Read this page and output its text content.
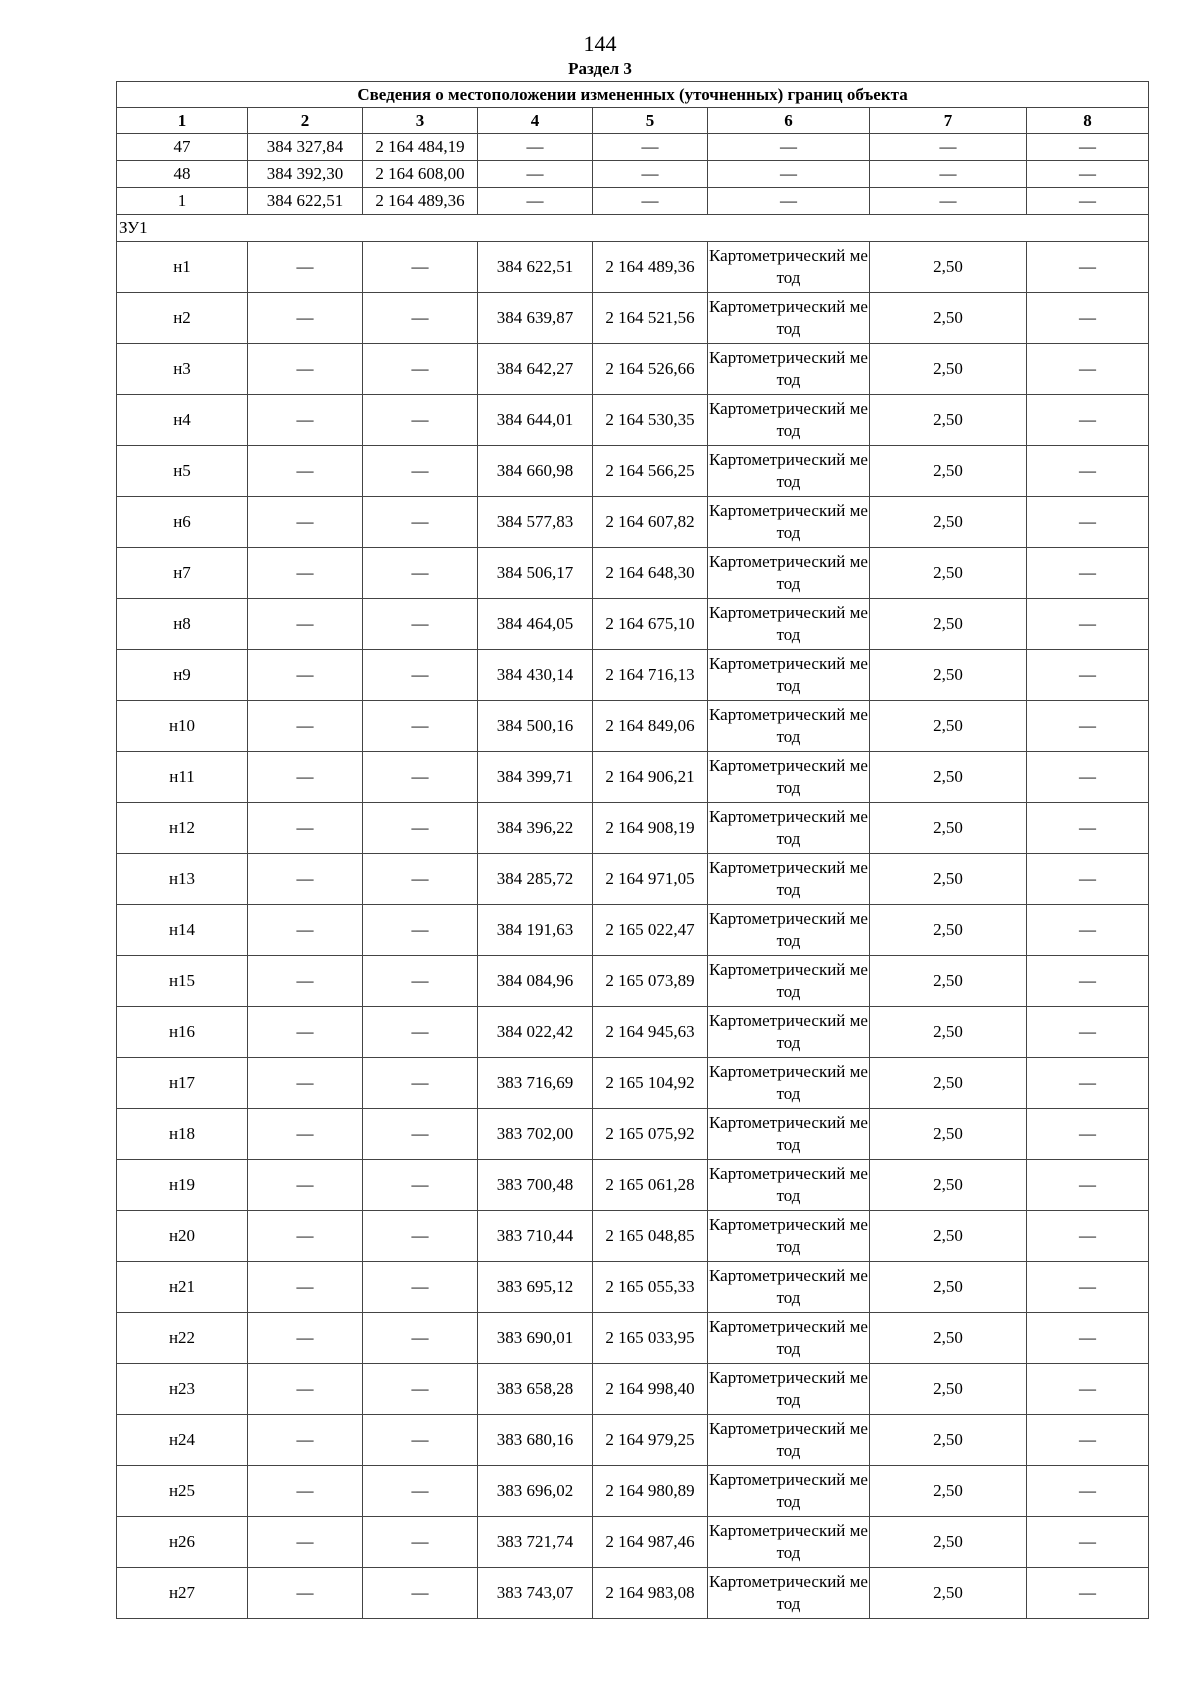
144
Раздел 3
Сведения о местоположении измененных (уточненных) границ объекта							
1	2	3	4	5	6	7	8
47	384 327,84	2 164 484,19	—	—	—	—	—
48	384 392,30	2 164 608,00	—	—	—	—	—
1	384 622,51	2 164 489,36	—	—	—	—	—
ЗУ1							
н1	—	—	384 622,51	2 164 489,36	Картометрический метод	2,50	—
н2	—	—	384 639,87	2 164 521,56	Картометрический метод	2,50	—
н3	—	—	384 642,27	2 164 526,66	Картометрический метод	2,50	—
н4	—	—	384 644,01	2 164 530,35	Картометрический метод	2,50	—
н5	—	—	384 660,98	2 164 566,25	Картометрический метод	2,50	—
н6	—	—	384 577,83	2 164 607,82	Картометрический метод	2,50	—
н7	—	—	384 506,17	2 164 648,30	Картометрический метод	2,50	—
н8	—	—	384 464,05	2 164 675,10	Картометрический метод	2,50	—
н9	—	—	384 430,14	2 164 716,13	Картометрический метод	2,50	—
н10	—	—	384 500,16	2 164 849,06	Картометрический метод	2,50	—
н11	—	—	384 399,71	2 164 906,21	Картометрический метод	2,50	—
н12	—	—	384 396,22	2 164 908,19	Картометрический метод	2,50	—
н13	—	—	384 285,72	2 164 971,05	Картометрический метод	2,50	—
н14	—	—	384 191,63	2 165 022,47	Картометрический метод	2,50	—
н15	—	—	384 084,96	2 165 073,89	Картометрический метод	2,50	—
н16	—	—	384 022,42	2 164 945,63	Картометрический метод	2,50	—
н17	—	—	383 716,69	2 165 104,92	Картометрический метод	2,50	—
н18	—	—	383 702,00	2 165 075,92	Картометрический метод	2,50	—
н19	—	—	383 700,48	2 165 061,28	Картометрический метод	2,50	—
н20	—	—	383 710,44	2 165 048,85	Картометрический метод	2,50	—
н21	—	—	383 695,12	2 165 055,33	Картометрический метод	2,50	—
н22	—	—	383 690,01	2 165 033,95	Картометрический метод	2,50	—
н23	—	—	383 658,28	2 164 998,40	Картометрический метод	2,50	—
н24	—	—	383 680,16	2 164 979,25	Картометрический метод	2,50	—
н25	—	—	383 696,02	2 164 980,89	Картометрический метод	2,50	—
н26	—	—	383 721,74	2 164 987,46	Картометрический метод	2,50	—
н27	—	—	383 743,07	2 164 983,08	Картометрический метод	2,50	—
